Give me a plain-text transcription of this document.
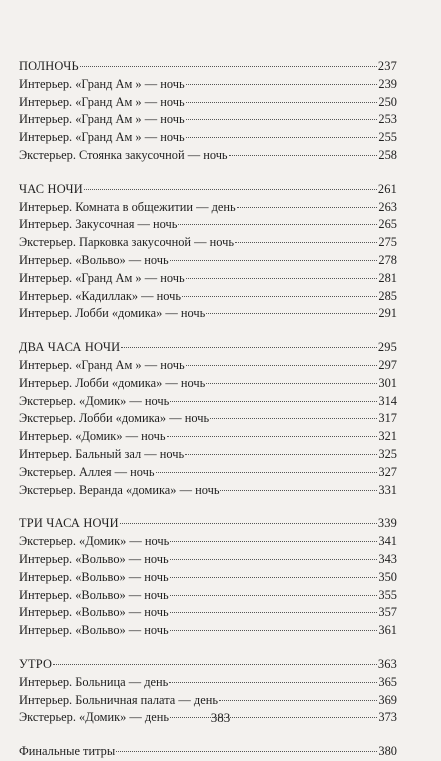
ПОЛНОЧЬ	237
Интерьер. «Гранд Ам » — ночь	239
Интерьер. «Гранд Ам » — ночь	250
Интерьер. «Гранд Ам » — ночь	253
Интерьер. «Гранд Ам » — ночь	255
Экстерьер. Стоянка закусочной — ночь	258
ЧАС НОЧИ	261
Интерьер. Комната в общежитии — день	263
Интерьер. Закусочная — ночь	265
Экстерьер. Парковка закусочной — ночь	275
Интерьер. «Вольво» — ночь	278
Интерьер. «Гранд Ам » — ночь	281
Интерьер. «Кадиллак» — ночь	285
Интерьер. Лобби «домика» — ночь	291
ДВА ЧАСА НОЧИ	295
Интерьер. «Гранд Ам » — ночь	297
Интерьер. Лобби «домика» — ночь	301
Экстерьер. «Домик» — ночь	314
Экстерьер. Лобби «домика» — ночь	317
Интерьер. «Домик» — ночь	321
Интерьер. Бальный зал — ночь	325
Экстерьер. Аллея — ночь	327
Экстерьер. Веранда «домика» — ночь	331
ТРИ ЧАСА НОЧИ	339
Экстерьер. «Домик» — ночь	341
Интерьер. «Вольво» — ночь	343
Интерьер. «Вольво» — ночь	350
Интерьер. «Вольво» — ночь	355
Интерьер. «Вольво» — ночь	357
Интерьер. «Вольво» — ночь	361
УТРО	363
Интерьер. Больница — день	365
Интерьер. Больничная палата — день	369
Экстерьер. «Домик» — день	373
Финальные титры	380
383
